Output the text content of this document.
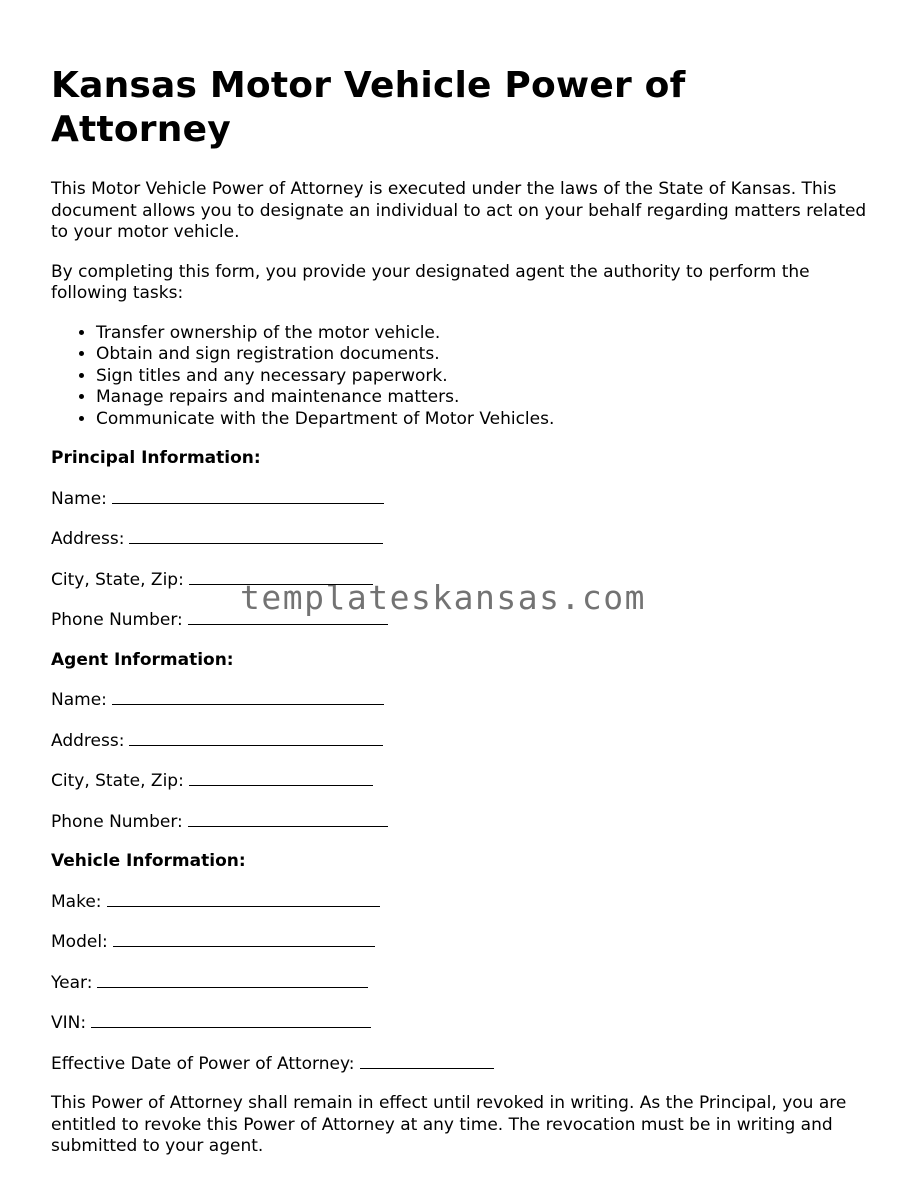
Kansas Motor Vehicle Power of Attorney

This Motor Vehicle Power of Attorney is executed under the laws of the State of Kansas. This document allows you to designate an individual to act on your behalf regarding matters related to your motor vehicle.

By completing this form, you provide your designated agent the authority to perform the following tasks:

• Transfer ownership of the motor vehicle.
• Obtain and sign registration documents.
• Sign titles and any necessary paperwork.
• Manage repairs and maintenance matters.
• Communicate with the Department of Motor Vehicles.
Principal Information:
Name:
Address:
City, State, Zip:
Phone Number:
Agent Information:
Name:
Address:
City, State, Zip:
Phone Number:
Vehicle Information:
Make:
Model:
Year:
VIN:
Effective Date of Power of Attorney:

This Power of Attorney shall remain in effect until revoked in writing. As the Principal, you are entitled to revoke this Power of Attorney at any time. The revocation must be in writing and submitted to your agent.

templateskansas.com
